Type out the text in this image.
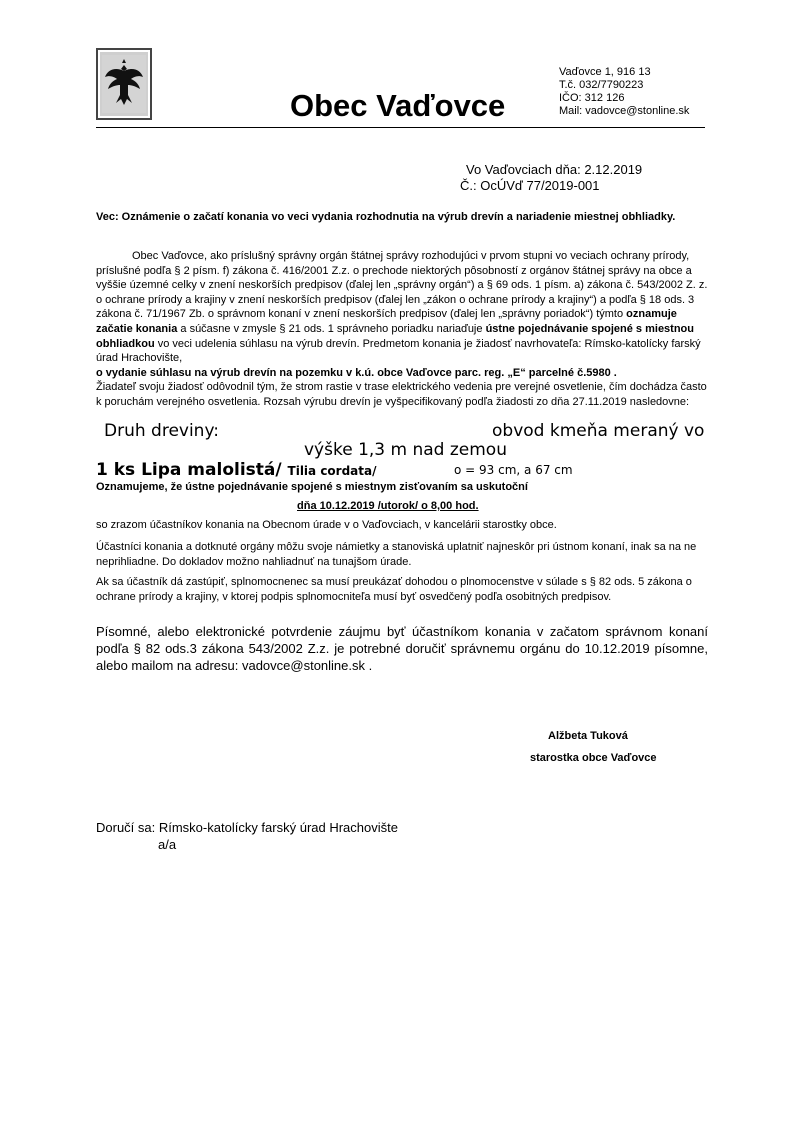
Obec Vaďovce
Vaďovce 1, 916 13
T.č. 032/7790223
IČO: 312 126
Mail: vadovce@stonline.sk
Vo Vaďovciach dňa: 2.12.2019
Č.: OcÚVď 77/2019-001
Vec: Oznámenie o začatí konania vo veci vydania rozhodnutia na výrub drevín a nariadenie miestnej obhliadky.
Obec Vaďovce, ako príslušný správny orgán štátnej správy rozhodujúci v prvom stupni vo veciach ochrany prírody, príslušné podľa § 2 písm. f) zákona č. 416/2001 Z.z. o prechode niektorých pôsobností z orgánov štátnej správy na obce a vyššie územné celky v znení neskorších predpisov (ďalej len „správny orgán“) a § 69 ods. 1 písm. a) zákona č. 543/2002 Z. z. o ochrane prírody a krajiny v znení neskorších predpisov (ďalej len „zákon o ochrane prírody a krajiny“) a podľa § 18 ods. 3 zákona č. 71/1967 Zb. o správnom konaní v znení neskorších predpisov (ďalej len „správny poriadok“) týmto oznamuje začatie konania a súčasne v zmysle § 21 ods. 1 správneho poriadku nariaďuje ústne pojednávanie spojené s miestnou obhliadkou vo veci udelenia súhlasu na výrub drevín. Predmetom konania je žiadosť navrhovateľa: Rímsko-katolícky farský úrad Hrachovište,
o vydanie súhlasu na výrub drevín na pozemku v k.ú. obce Vaďovce parc. reg. „E“ parcelné č.5980 .
Žiadateľ svoju žiadosť odôvodnil tým, že strom rastie v trase elektrického vedenia pre verejné osvetlenie, čím dochádza často k poruchám verejného osvetlenia. Rozsah výrubu drevín je vyšpecifikovaný podľa žiadosti zo dňa 27.11.2019 nasledovne:
Druh dreviny:	obvod kmeňa meraný vo
výške 1,3 m nad zemou
1 ks Lipa malolistá/ Tilia cordata/	o = 93 cm, a 67 cm
Oznamujeme, že ústne pojednávanie spojené s miestnym zisťovaním sa uskutoční
dňa 10.12.2019 /utorok/ o 8,00 hod.
so zrazom účastníkov konania na Obecnom úrade v o Vaďovciach, v kancelárii starostky obce.
Účastníci konania a dotknuté orgány môžu svoje námietky a stanoviská uplatniť najneskôr pri ústnom konaní, inak sa na ne neprihliadne. Do dokladov možno nahliadnuť na tunajšom úrade.
Ak sa účastník dá zastúpiť, splnomocnenec sa musí preukázať dohodou o plnomocenstve v súlade s § 82 ods. 5 zákona o ochrane prírody a krajiny, v ktorej podpis splnomocniteľa musí byť osvedčený podľa osobitných predpisov.
Písomné, alebo elektronické potvrdenie záujmu byť účastníkom konania v začatom správnom konaní podľa § 82 ods.3 zákona 543/2002 Z.z. je potrebné doručiť správnemu orgánu do 10.12.2019 písomne, alebo mailom na adresu: vadovce@stonline.sk .
Alžbeta Tuková
starostka obce Vaďovce
Doručí sa: Rímsko-katolícky farský úrad Hrachovište
a/a
